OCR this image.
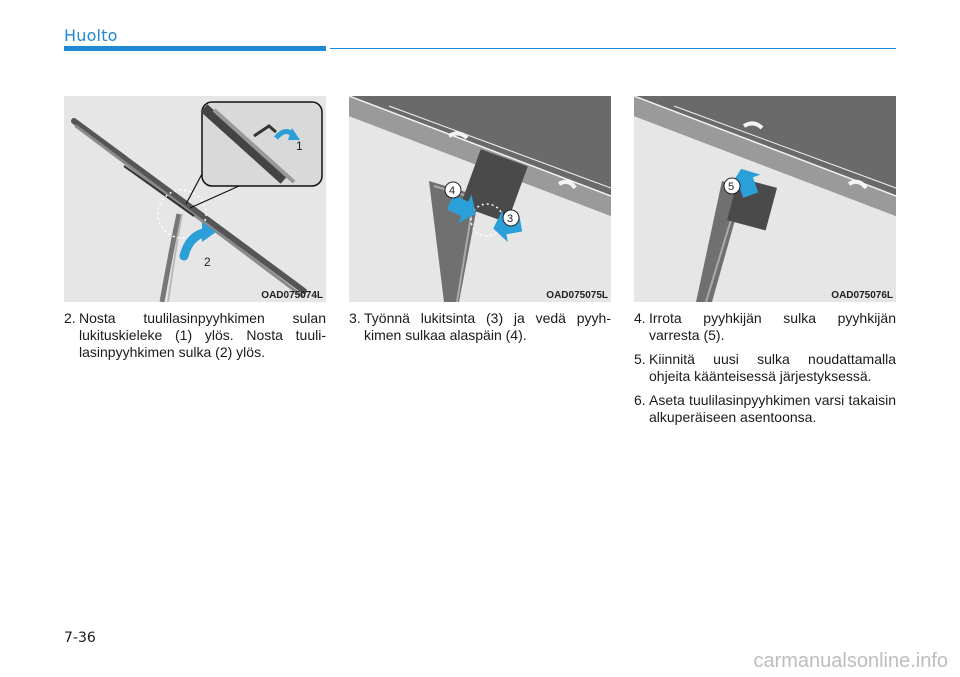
Huolto
1
2
OAD075074L
4
3
OAD075075L
5
OAD075076L
2. Nosta tuulilasinpyyhkimen sulan lukituskieleke (1) ylös. Nosta tuuli-lasinpyyhkimen sulka (2) ylös.
3. Työnnä lukitsinta (3) ja vedä pyyh-kimen sulkaa alaspäin (4).
4. Irrota pyyhkijän sulka pyyhkijän varresta (5).
5. Kiinnitä uusi sulka noudattamalla ohjeita käänteisessä järjestyksessä.
6. Aseta tuulilasinpyyhkimen varsi takaisin alkuperäiseen asentoonsa.
7-36
carmanualsonline.info
